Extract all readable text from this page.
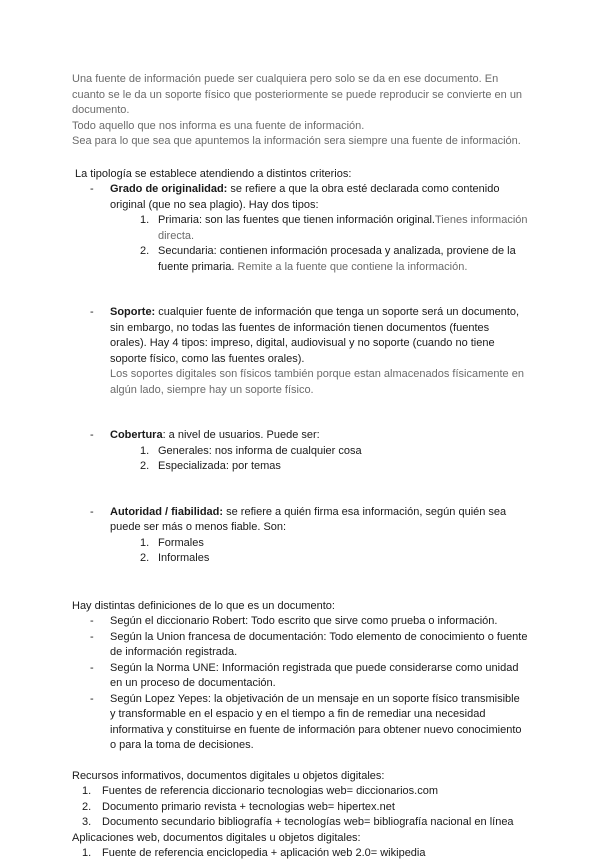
Una fuente de información puede ser cualquiera pero solo se da en ese documento. En cuanto se le da un soporte físico que posteriormente se puede reproducir se convierte en un documento.

Todo aquello que nos informa es una fuente de información.

Sea para lo que sea que apuntemos la información sera siempre una fuente de información.

La tipología se establece atendiendo a distintos criterios:

- Grado de originalidad: se refiere a que la obra esté declarada como contenido original (que no sea plagio). Hay dos tipos:
1. Primaria: son las fuentes que tienen información original.Tienes información directa.
2. Secundaria: contienen información procesada y analizada, proviene de la fuente primaria. Remite a la fuente que contiene la información.
- Soporte: cualquier fuente de información que tenga un soporte será un documento, sin embargo, no todas las fuentes de información tienen documentos (fuentes orales). Hay 4 tipos: impreso, digital, audiovisual y no soporte (cuando no tiene soporte físico, como las fuentes orales).
Los soportes digitales son físicos también porque estan almacenados físicamente en algún lado, siempre hay un soporte físico.
- Cobertura: a nivel de usuarios. Puede ser:
1. Generales: nos informa de cualquier cosa
2. Especializada: por temas
- Autoridad / fiabilidad: se refiere a quién firma esa información, según quién sea puede ser más o menos fiable. Son:
1. Formales
2. Informales

Hay distintas definiciones de lo que es un documento:

- Según el diccionario Robert: Todo escrito que sirve como prueba o información.
- Según la Union francesa de documentación: Todo elemento de conocimiento o fuente de información registrada.
- Según la Norma UNE: Información registrada que puede considerarse como unidad en un proceso de documentación.
- Según Lopez Yepes: la objetivación de un mensaje en un soporte físico transmisible y transformable en el espacio y en el tiempo a fin de remediar una necesidad informativa y constituirse en fuente de información para obtener nuevo conocimiento o para la toma de decisiones.

Recursos informativos, documentos digitales u objetos digitales:

1. Fuentes de referencia diccionario tecnologias web= diccionarios.com
2. Documento primario revista + tecnologias web= hipertex.net
3. Documento secundario bibliografía + tecnologías web= bibliografía nacional en línea

Aplicaciones web, documentos digitales u objetos digitales:

1. Fuente de referencia enciclopedia + aplicación web 2.0= wikipedia
